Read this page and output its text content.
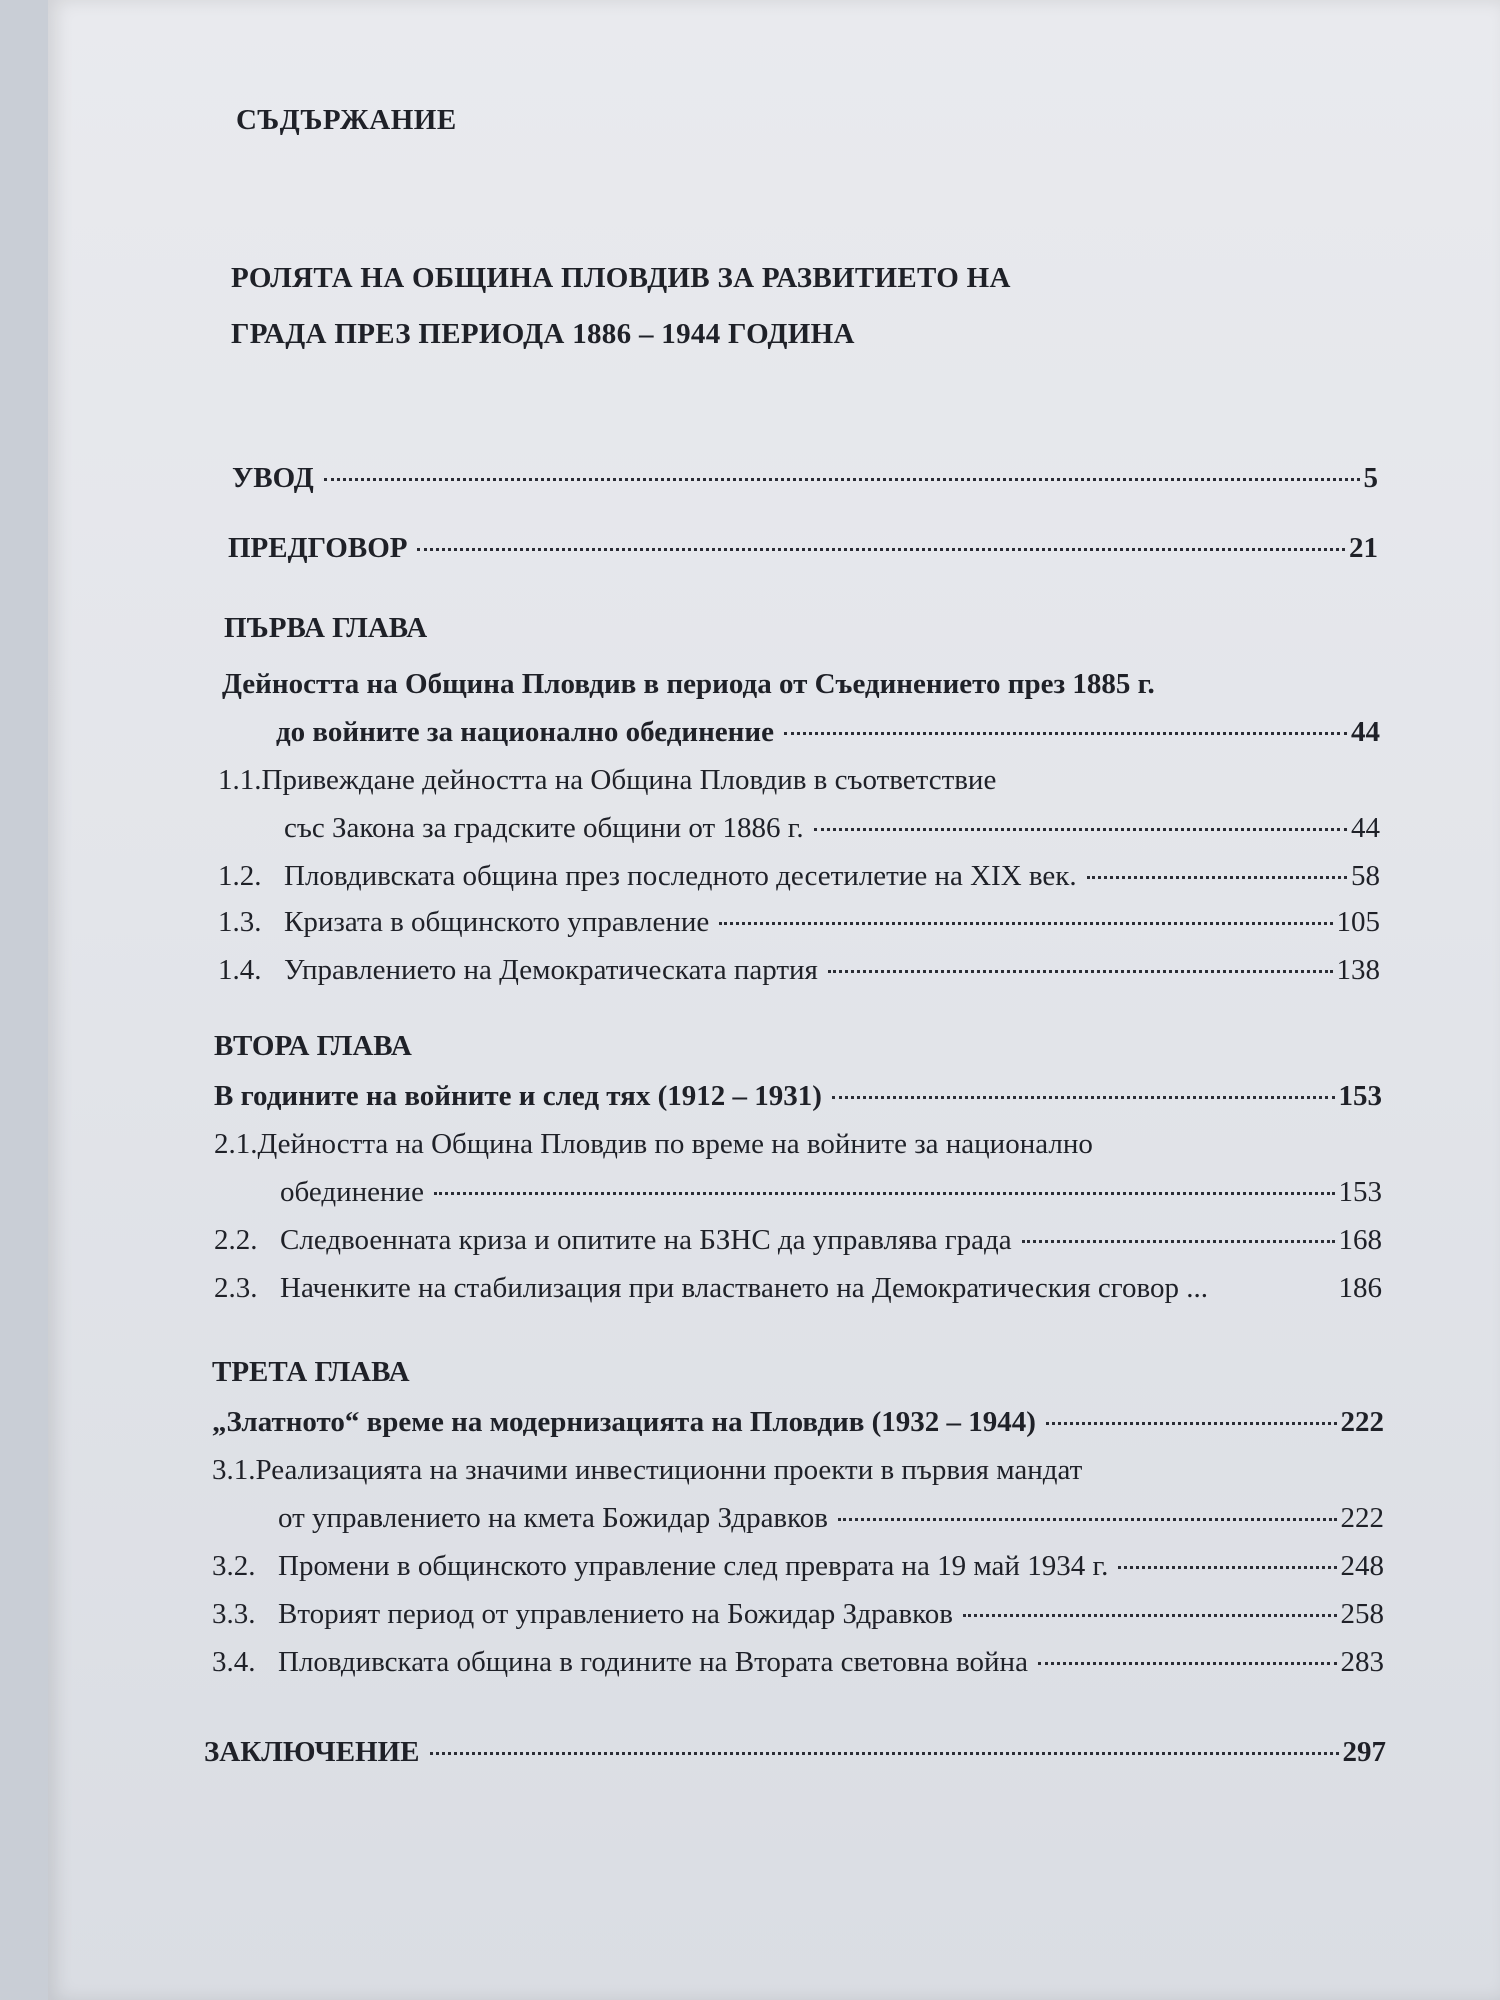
СЪДЪРЖАНИЕ
РОЛЯТА НА ОБЩИНА ПЛОВДИВ ЗА РАЗВИТИЕТО НА
ГРАДА ПРЕЗ ПЕРИОДА 1886 – 1944 ГОДИНА
УВОД	5
ПРЕДГОВОР	21
ПЪРВА ГЛАВА
Дейността на Община Пловдив в периода от Съединението през 1885 г.
до войните за национално обединение	44
1.1.Привеждане дейността на Община Пловдив в съответствие
със Закона за градските общини от 1886 г.	44
1.2. Пловдивската община през последното десетилетие на XIX век.	58
1.3. Кризата в общинското управление	105
1.4. Управлението на Демократическата партия	138
ВТОРА ГЛАВА
В годините на войните и след тях (1912 – 1931)	153
2.1.Дейността на Община Пловдив по време на войните за национално
обединение	153
2.2. Следвоенната криза и опитите на БЗНС да управлява града	168
2.3. Наченките на стабилизация при властването на Демократическия сговор ...	186
ТРЕТА ГЛАВА
„Златното“ време на модернизацията на Пловдив (1932 – 1944)	222
3.1.Реализацията на значими инвестиционни проекти в първия мандат
от управлението на кмета Божидар Здравков	222
3.2. Промени в общинското управление след преврата на 19 май 1934 г.	248
3.3. Вторият период от управлението на Божидар Здравков	258
3.4. Пловдивската община в годините на Втората световна война	283
ЗАКЛЮЧЕНИЕ	297
